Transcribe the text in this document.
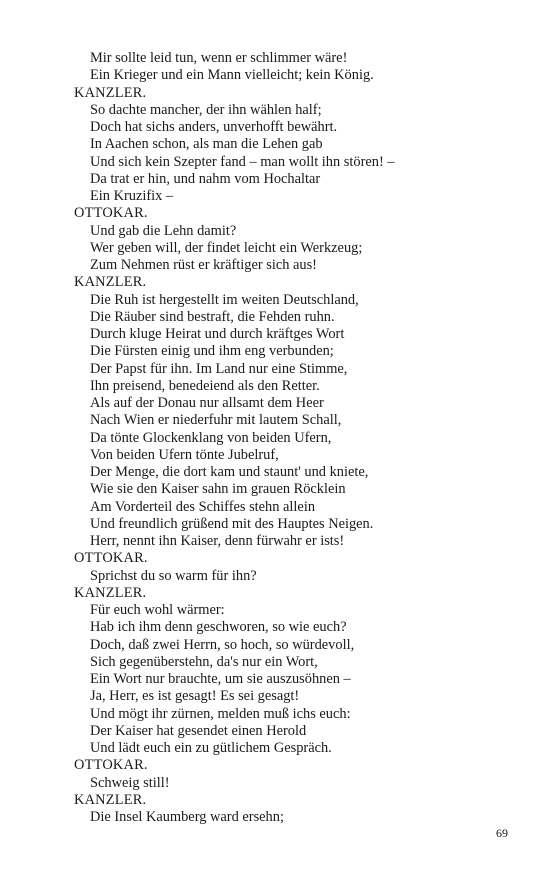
Mir sollte leid tun, wenn er schlimmer wäre!
Ein Krieger und ein Mann vielleicht; kein König.
KANZLER.
So dachte mancher, der ihn wählen half;
Doch hat sichs anders, unverhofft bewährt.
In Aachen schon, als man die Lehen gab
Und sich kein Szepter fand – man wollt ihn stören! –
Da trat er hin, und nahm vom Hochaltar
Ein Kruzifix –
OTTOKAR.
Und gab die Lehn damit?
Wer geben will, der findet leicht ein Werkzeug;
Zum Nehmen rüst er kräftiger sich aus!
KANZLER.
Die Ruh ist hergestellt im weiten Deutschland,
Die Räuber sind bestraft, die Fehden ruhn.
Durch kluge Heirat und durch kräftges Wort
Die Fürsten einig und ihm eng verbunden;
Der Papst für ihn. Im Land nur eine Stimme,
Ihn preisend, benedeiend als den Retter.
Als auf der Donau nur allsamt dem Heer
Nach Wien er niederfuhr mit lautem Schall,
Da tönte Glockenklang von beiden Ufern,
Von beiden Ufern tönte Jubelruf,
Der Menge, die dort kam und staunt' und kniete,
Wie sie den Kaiser sahn im grauen Röcklein
Am Vorderteil des Schiffes stehn allein
Und freundlich grüßend mit des Hauptes Neigen.
Herr, nennt ihn Kaiser, denn fürwahr er ists!
OTTOKAR.
Sprichst du so warm für ihn?
KANZLER.
Für euch wohl wärmer:
Hab ich ihm denn geschworen, so wie euch?
Doch, daß zwei Herrn, so hoch, so würdevoll,
Sich gegenüberstehn, da's nur ein Wort,
Ein Wort nur brauchte, um sie auszusöhnen –
Ja, Herr, es ist gesagt! Es sei gesagt!
Und mögt ihr zürnen, melden muß ichs euch:
Der Kaiser hat gesendet einen Herold
Und lädt euch ein zu gütlichem Gespräch.
OTTOKAR.
Schweig still!
KANZLER.
Die Insel Kaumberg ward ersehn;
69
